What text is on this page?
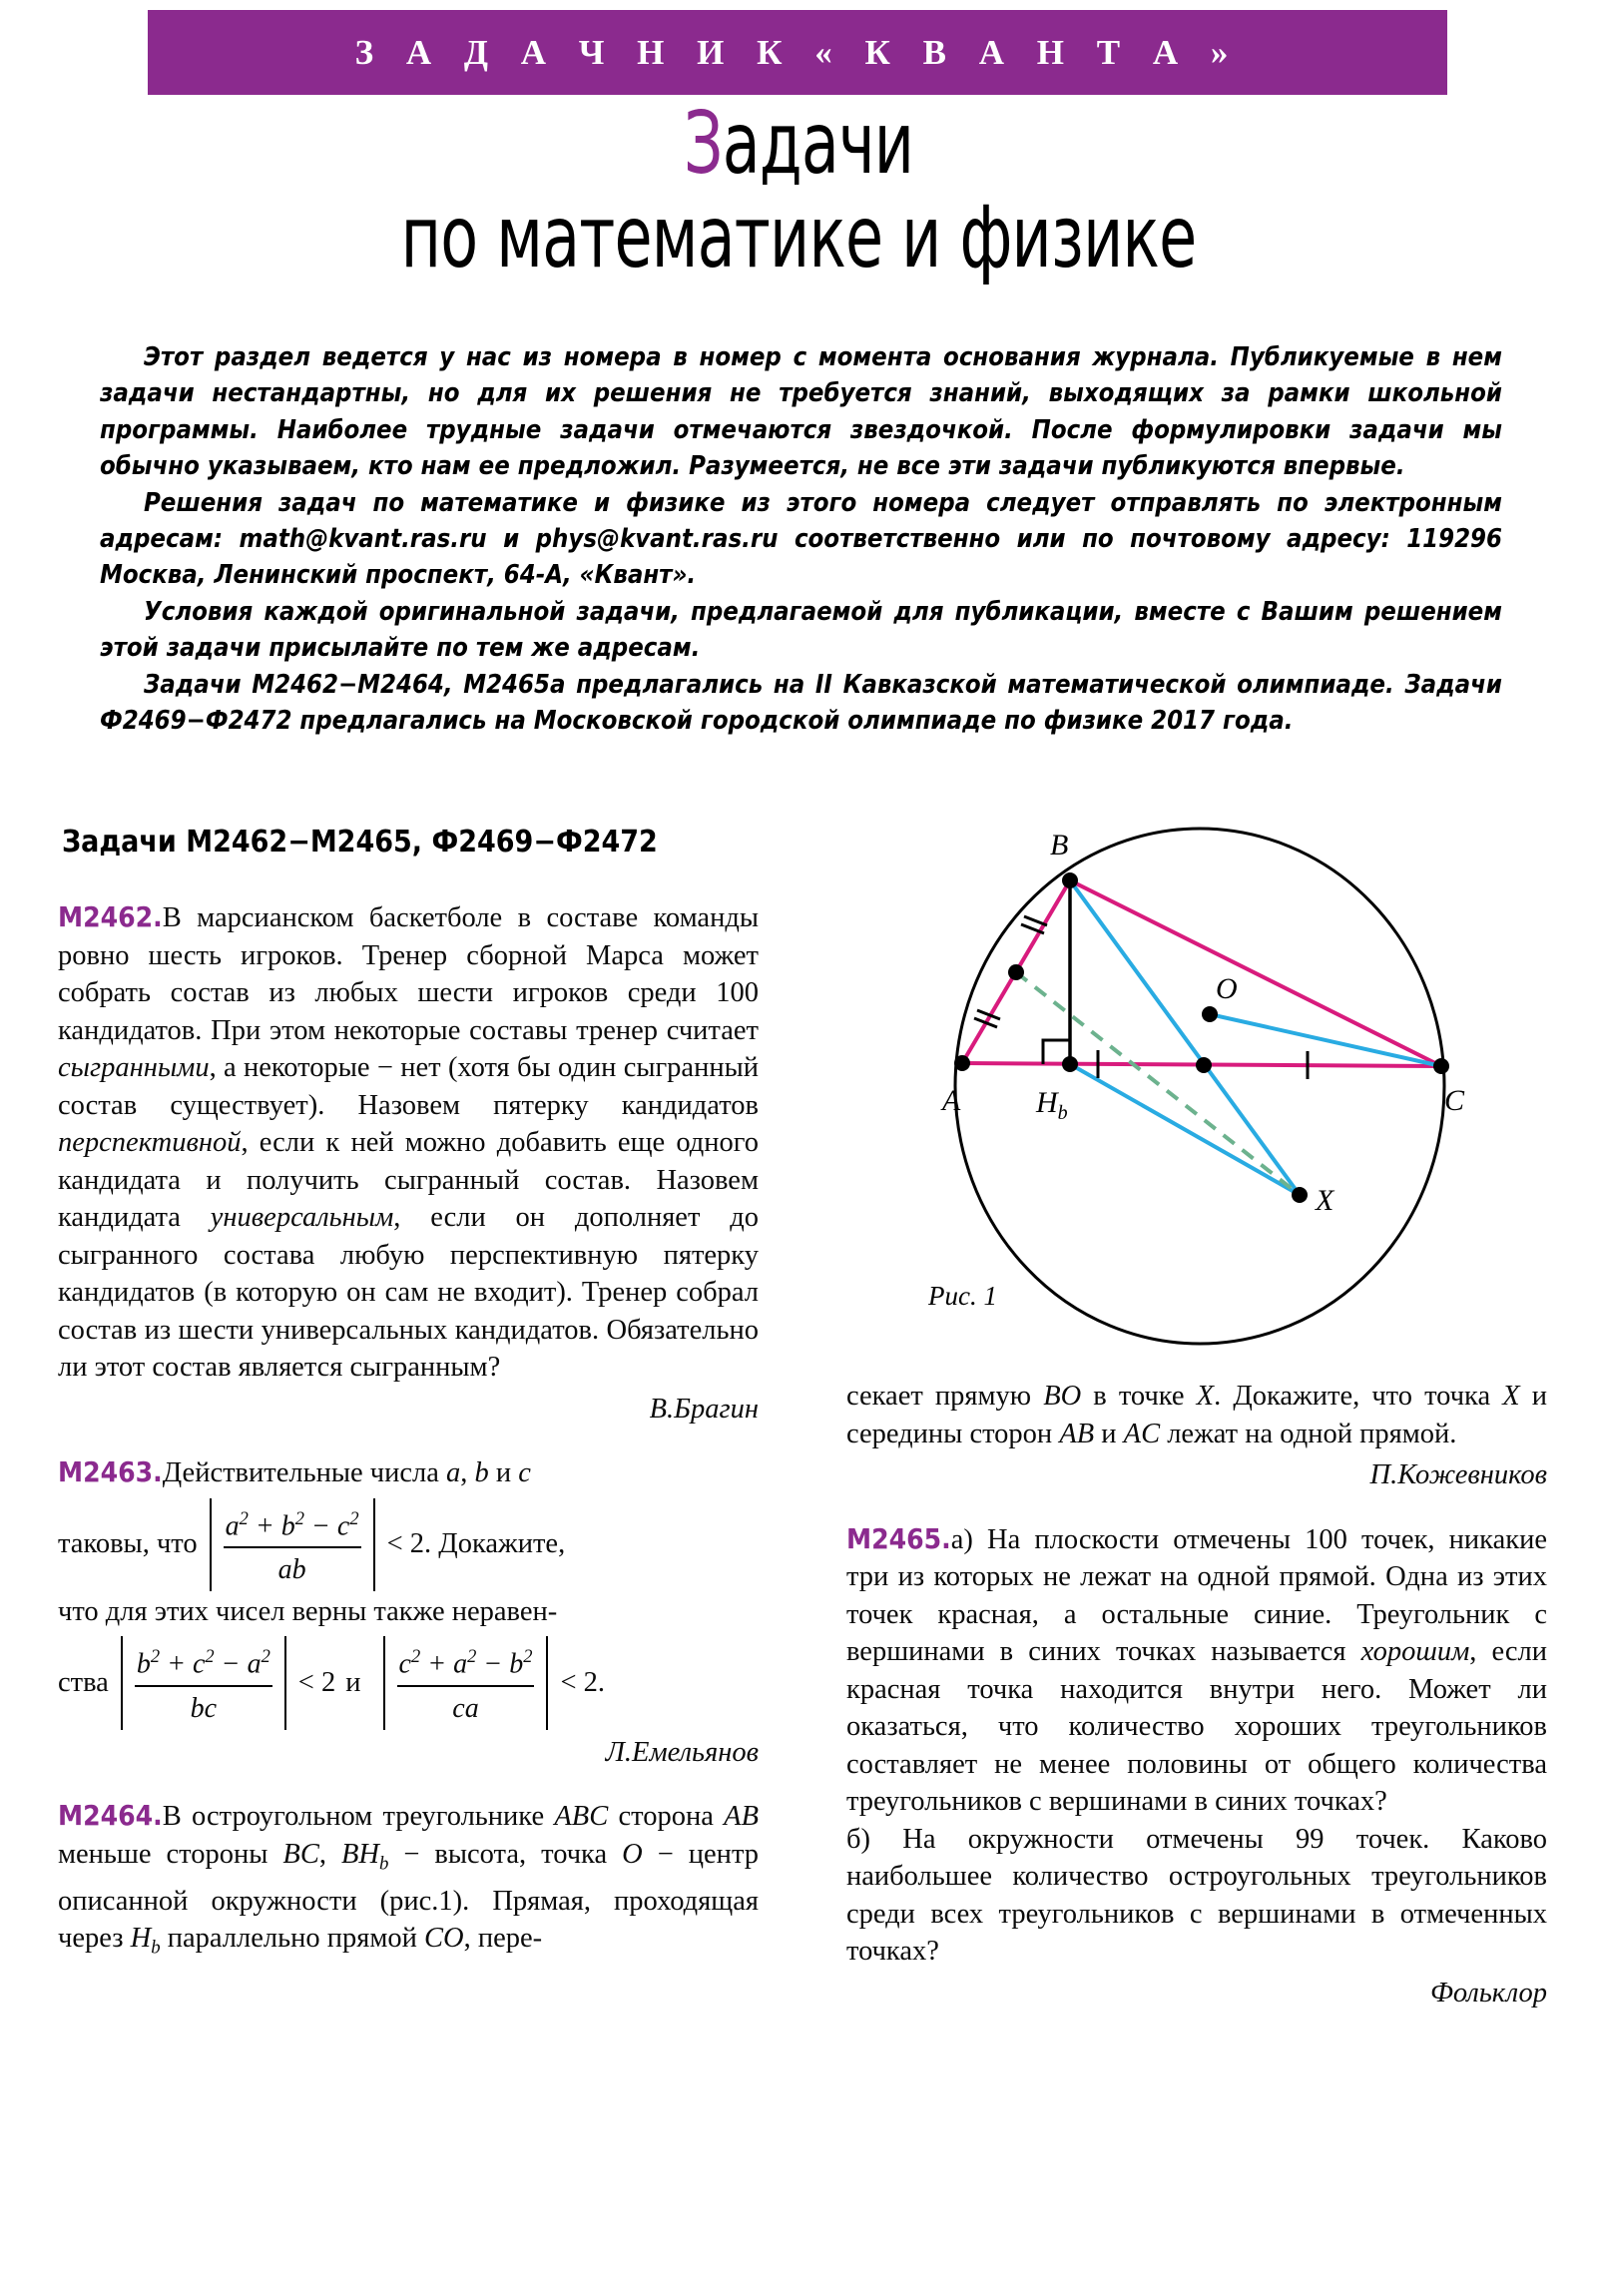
З А Д А Ч Н И К « К В А Н Т А »
Задачи
по математике и физике

Этот раздел ведется у нас из номера в номер с момента основания журнала. Публикуемые в нем задачи нестандартны, но для их решения не требуется знаний, выходящих за рамки школьной программы. Наиболее трудные задачи отмечаются звездочкой. После формулировки задачи мы обычно указываем, кто нам ее предложил. Разумеется, не все эти задачи публикуются впервые.

Решения задач по математике и физике из этого номера следует отправлять по электронным адресам: math@kvant.ras.ru и phys@kvant.ras.ru соответственно или по почтовому адресу: 119296 Москва, Ленинский проспект, 64-А, «Квант».

Условия каждой оригинальной задачи, предлагаемой для публикации, вместе с Вашим решением этой задачи присылайте по тем же адресам.

Задачи М2462−М2464, М2465а предлагались на II Кавказской математической олимпиаде. Задачи Ф2469−Ф2472 предлагались на Московской городской олимпиаде по физике 2017 года.

Задачи М2462−М2465, Ф2469−Ф2472

M2462.В марсианском баскетболе в составе команды ровно шесть игроков. Тренер сборной Марса может собрать состав из любых шести игроков среди 100 кандидатов. При этом некоторые составы тренер считает сыгранными, а некоторые − нет (хотя бы один сыгранный состав существует). Назовем пятерку кандидатов перспективной, если к ней можно добавить еще одного кандидата и получить сыгранный состав. Назовем кандидата универсальным, если он дополняет до сыгранного состава любую перспективную пятерку кандидатов (в которую он сам не входит). Тренер собрал состав из шести универсальных кандидатов. Обязательно ли этот состав является сыгранным?

В.Брагин

M2463.Действительные числа a, b и c

таковы, что $\frac{a^2 + b^2 - c^2}{ab} < 2$ . Докажите,

что для этих чисел верны также неравен-

ства $\frac{b^2 + c^2 - a^2}{bc} < 2$ и $\frac{c^2 + a^2 - b^2}{ca} < 2$ .
Л.Емельянов

M2464.В остроугольном треугольнике ABC сторона AB меньше стороны BC, $BH_b$ − высота, точка O − центр описанной окружности (рис.1). Прямая, проходящая через $H_b$ параллельно прямой CO, пере-

B
A	C
O
X
$H_b$
Рис. 1

секает прямую BO в точке X. Докажите, что точка X и середины сторон AB и AC лежат на одной прямой.

П.Кожевников

M2465.а) На плоскости отмечены 100 точек, никакие три из которых не лежат на одной прямой. Одна из этих точек красная, а остальные синие. Треугольник с вершинами в синих точках называется хорошим, если красная точка находится внутри него. Может ли оказаться, что количество хороших треугольников составляет не менее половины от общего количества треугольников с вершинами в синих точках?

б) На окружности отмечены 99 точек. Каково наибольшее количество остроугольных треугольников среди всех треугольников с вершинами в отмеченных точках?

Фольклор
